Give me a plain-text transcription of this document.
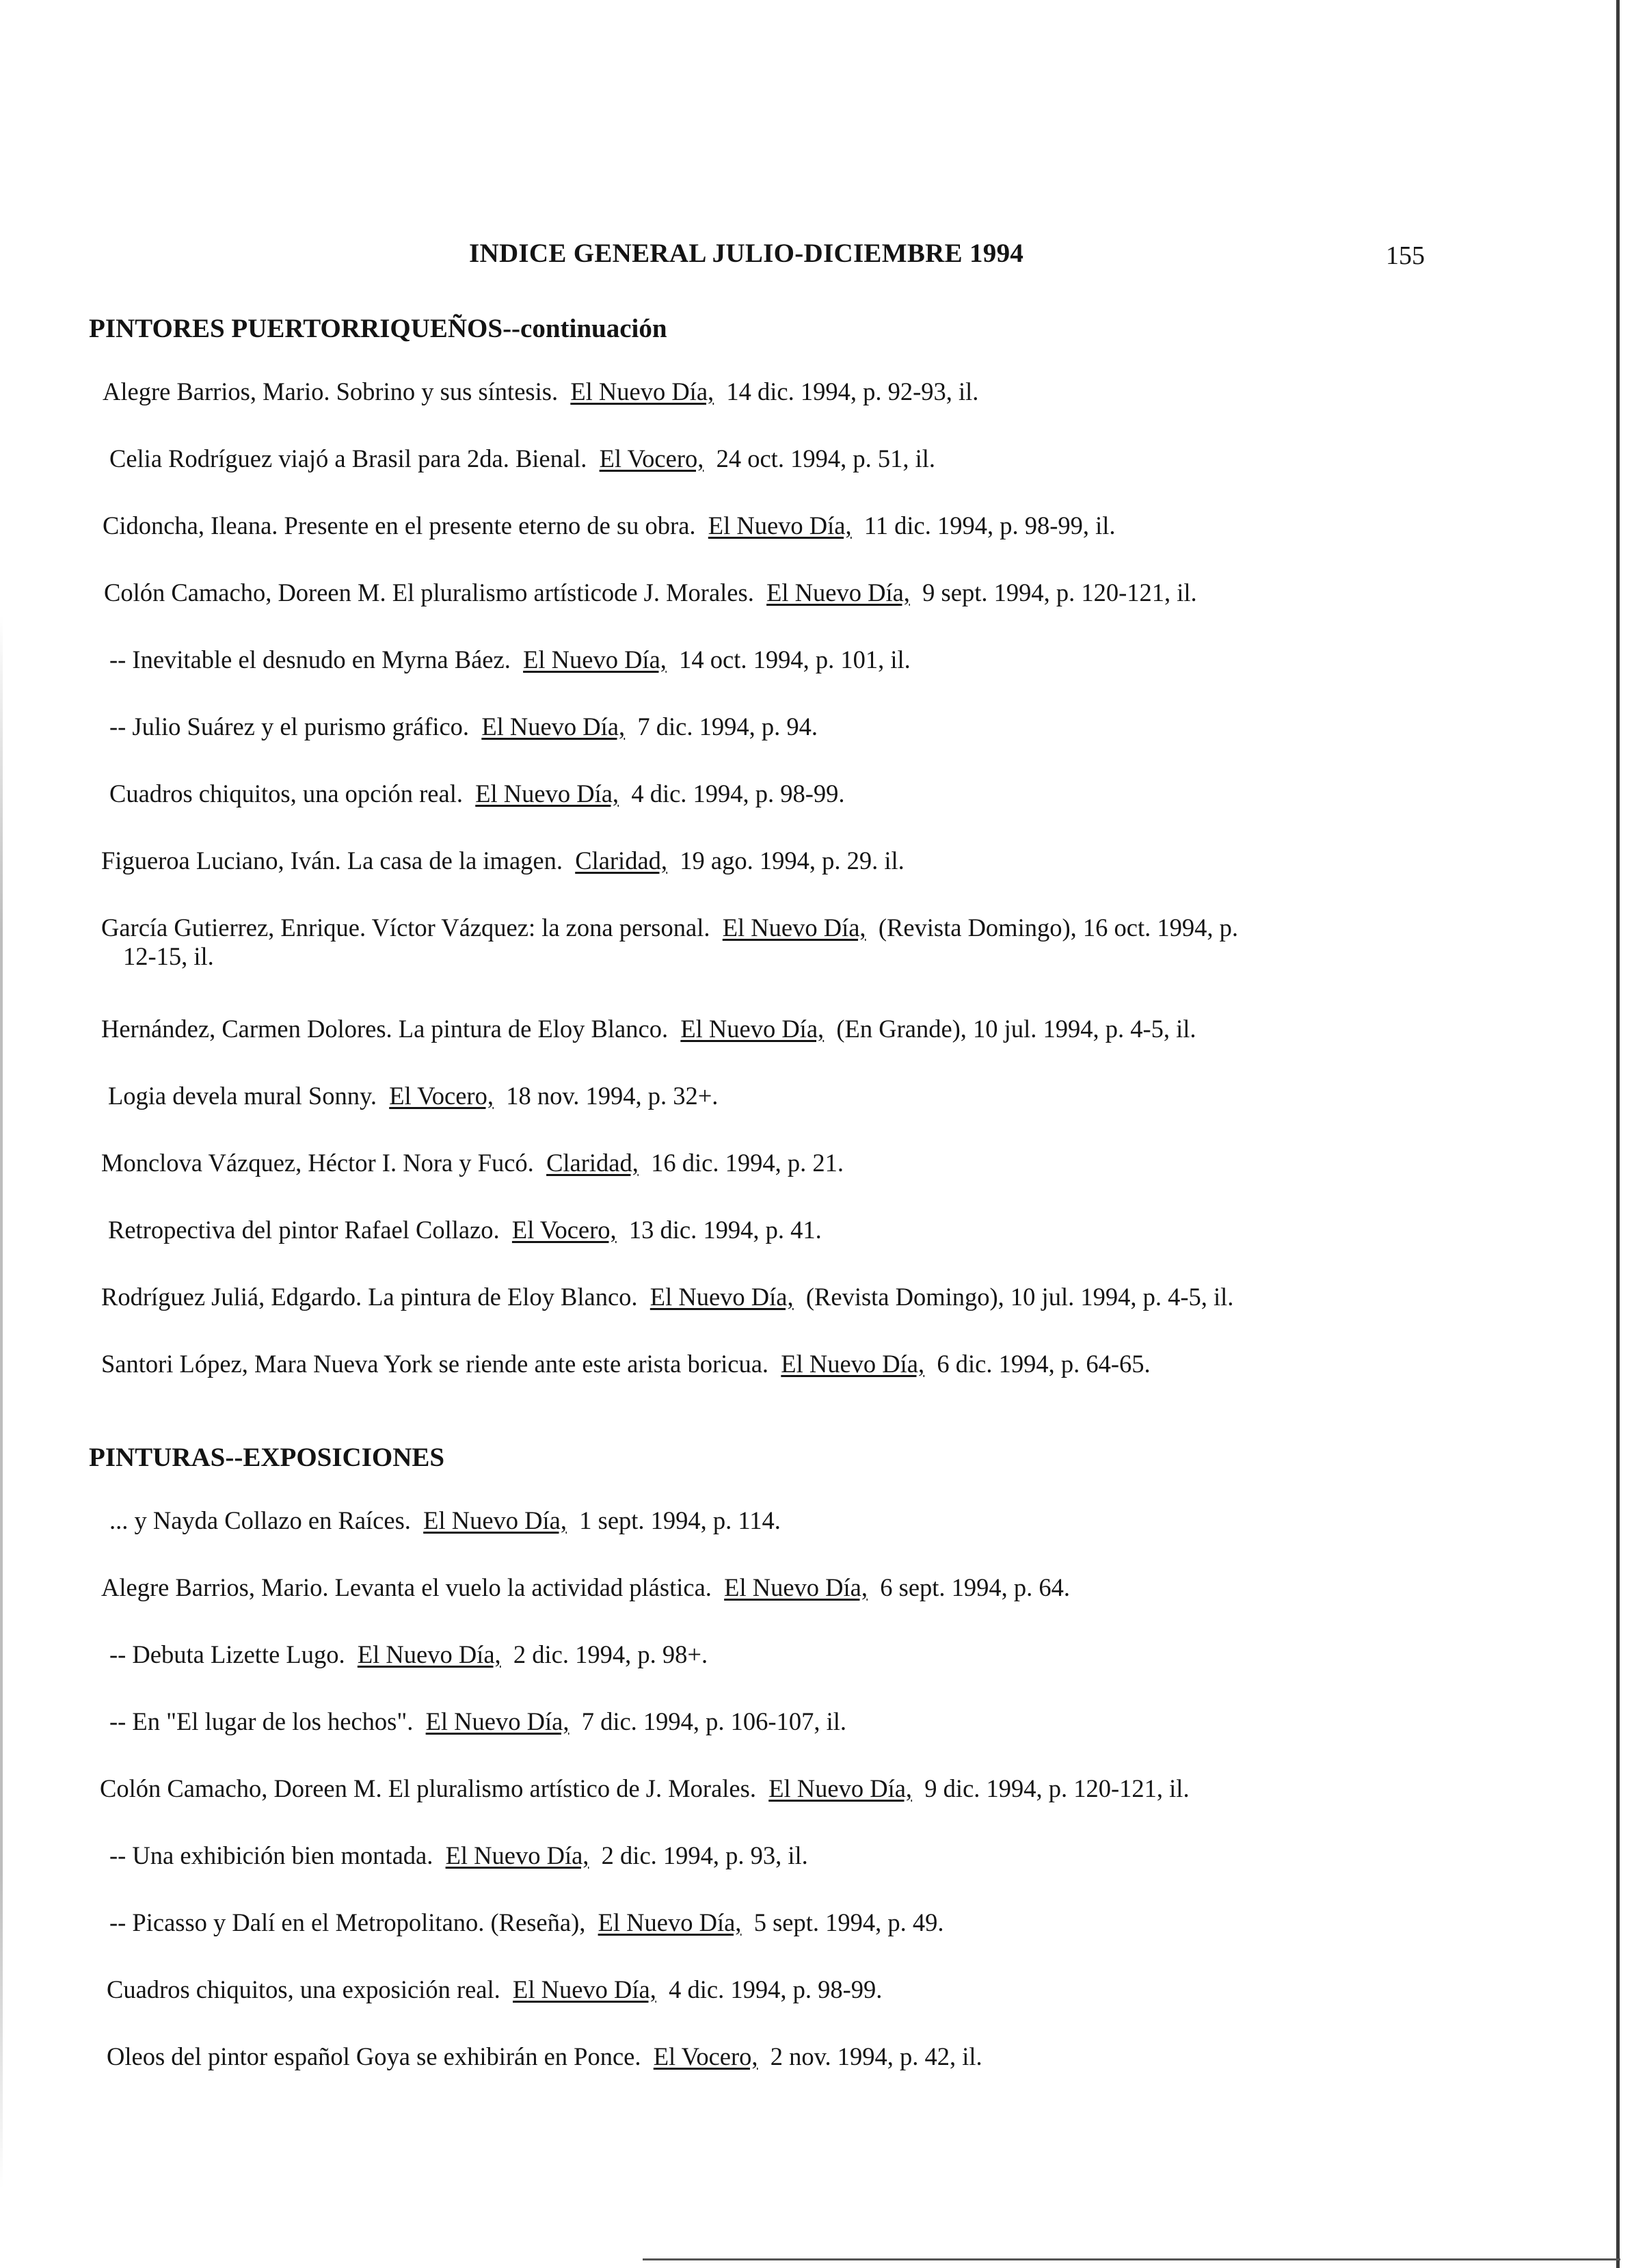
INDICE GENERAL JULIO-DICIEMBRE 1994	155
PINTORES PUERTORRIQUEÑOS--continuación
Alegre Barrios, Mario. Sobrino y sus síntesis. El Nuevo Día, 14 dic. 1994, p. 92-93, il.
Celia Rodríguez viajó a Brasil para 2da. Bienal. El Vocero, 24 oct. 1994, p. 51, il.
Cidoncha, Ileana. Presente en el presente eterno de su obra. El Nuevo Día, 11 dic. 1994, p. 98-99, il.
Colón Camacho, Doreen M. El pluralismo artísticode J. Morales. El Nuevo Día, 9 sept. 1994, p. 120-121, il.
-- Inevitable el desnudo en Myrna Báez. El Nuevo Día, 14 oct. 1994, p. 101, il.
-- Julio Suárez y el purismo gráfico. El Nuevo Día, 7 dic. 1994, p. 94.
Cuadros chiquitos, una opción real. El Nuevo Día, 4 dic. 1994, p. 98-99.
Figueroa Luciano, Iván. La casa de la imagen. Claridad, 19 ago. 1994, p. 29. il.
García Gutierrez, Enrique. Víctor Vázquez: la zona personal. El Nuevo Día, (Revista Domingo), 16 oct. 1994, p.
12-15, il.
Hernández, Carmen Dolores. La pintura de Eloy Blanco. El Nuevo Día, (En Grande), 10 jul. 1994, p. 4-5, il.
Logia devela mural Sonny. El Vocero, 18 nov. 1994, p. 32+.
Monclova Vázquez, Héctor I. Nora y Fucó. Claridad, 16 dic. 1994, p. 21.
Retropectiva del pintor Rafael Collazo. El Vocero, 13 dic. 1994, p. 41.
Rodríguez Juliá, Edgardo. La pintura de Eloy Blanco. El Nuevo Día, (Revista Domingo), 10 jul. 1994, p. 4-5, il.
Santori López, Mara Nueva York se riende ante este arista boricua. El Nuevo Día, 6 dic. 1994, p. 64-65.
PINTURAS--EXPOSICIONES
... y Nayda Collazo en Raíces. El Nuevo Día, 1 sept. 1994, p. 114.
Alegre Barrios, Mario. Levanta el vuelo la actividad plástica. El Nuevo Día, 6 sept. 1994, p. 64.
-- Debuta Lizette Lugo. El Nuevo Día, 2 dic. 1994, p. 98+.
-- En "El lugar de los hechos". El Nuevo Día, 7 dic. 1994, p. 106-107, il.
Colón Camacho, Doreen M. El pluralismo artístico de J. Morales. El Nuevo Día, 9 dic. 1994, p. 120-121, il.
-- Una exhibición bien montada. El Nuevo Día, 2 dic. 1994, p. 93, il.
-- Picasso y Dalí en el Metropolitano. (Reseña), El Nuevo Día, 5 sept. 1994, p. 49.
Cuadros chiquitos, una exposición real. El Nuevo Día, 4 dic. 1994, p. 98-99.
Oleos del pintor español Goya se exhibirán en Ponce. El Vocero, 2 nov. 1994, p. 42, il.
